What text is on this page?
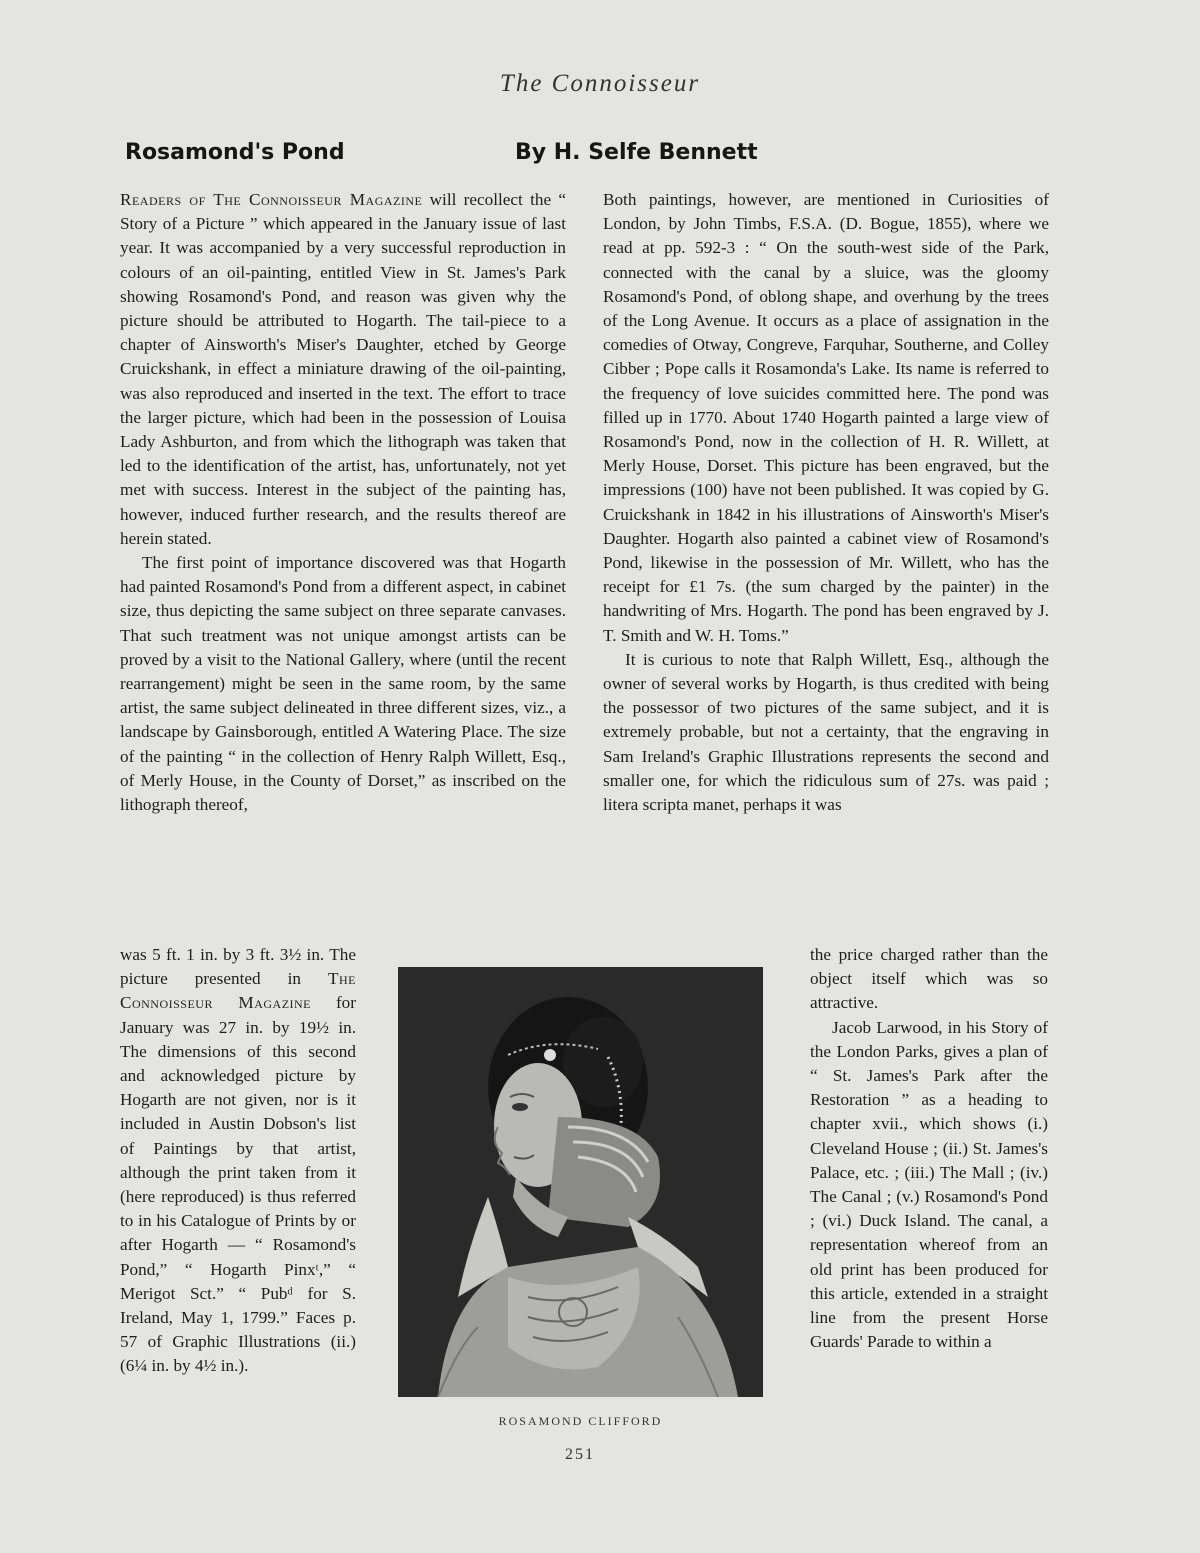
The Connoisseur
Rosamond's Pond	By H. Selfe Bennett

Readers of The Connoisseur Magazine will recollect the “ Story of a Picture ” which appeared in the January issue of last year. It was accompanied by a very successful reproduction in colours of an oil-painting, entitled View in St. James's Park showing Rosamond's Pond, and reason was given why the picture should be attributed to Hogarth. The tail-piece to a chapter of Ainsworth's Miser's Daughter, etched by George Cruickshank, in effect a miniature drawing of the oil-painting, was also reproduced and inserted in the text. The effort to trace the larger picture, which had been in the possession of Louisa Lady Ashburton, and from which the lithograph was taken that led to the identification of the artist, has, unfortunately, not yet met with success. Interest in the subject of the painting has, however, induced further research, and the results thereof are herein stated.

The first point of importance discovered was that Hogarth had painted Rosamond's Pond from a different aspect, in cabinet size, thus depicting the same subject on three separate canvases. That such treatment was not unique amongst artists can be proved by a visit to the National Gallery, where (until the recent rearrangement) might be seen in the same room, by the same artist, the same subject delineated in three different sizes, viz., a landscape by Gainsborough, entitled A Watering Place. The size of the painting “ in the collection of Henry Ralph Willett, Esq., of Merly House, in the County of Dorset,” as inscribed on the lithograph thereof,

Both paintings, however, are mentioned in Curiosities of London, by John Timbs, F.S.A. (D. Bogue, 1855), where we read at pp. 592-3 : “ On the south-west side of the Park, connected with the canal by a sluice, was the gloomy Rosamond's Pond, of oblong shape, and overhung by the trees of the Long Avenue. It occurs as a place of assignation in the comedies of Otway, Congreve, Farquhar, Southerne, and Colley Cibber ; Pope calls it Rosamonda's Lake. Its name is referred to the frequency of love suicides committed here. The pond was filled up in 1770. About 1740 Hogarth painted a large view of Rosamond's Pond, now in the collection of H. R. Willett, at Merly House, Dorset. This picture has been engraved, but the impressions (100) have not been published. It was copied by G. Cruickshank in 1842 in his illustrations of Ainsworth's Miser's Daughter. Hogarth also painted a cabinet view of Rosamond's Pond, likewise in the possession of Mr. Willett, who has the receipt for £1 7s. (the sum charged by the painter) in the handwriting of Mrs. Hogarth. The pond has been engraved by J. T. Smith and W. H. Toms.”

It is curious to note that Ralph Willett, Esq., although the owner of several works by Hogarth, is thus credited with being the possessor of two pictures of the same subject, and it is extremely probable, but not a certainty, that the engraving in Sam Ireland's Graphic Illustrations represents the second and smaller one, for which the ridiculous sum of 27s. was paid ; litera scripta manet, perhaps it was

was 5 ft. 1 in. by 3 ft. 3½ in. The picture presented in The Connoisseur Magazine for January was 27 in. by 19½ in. The dimensions of this second and acknowledged picture by Hogarth are not given, nor is it included in Austin Dobson's list of Paintings by that artist, although the print taken from it (here reproduced) is thus referred to in his Catalogue of Prints by or after Hogarth — “ Rosamond's Pond,” “ Hogarth Pinxᵗ,” “ Merigot Sct.” “ Pubᵈ for S. Ireland, May 1, 1799.” Faces p. 57 of Graphic Illustrations (ii.) (6¼ in. by 4½ in.).

ROSAMOND CLIFFORD

the price charged rather than the object itself which was so attractive.

Jacob Larwood, in his Story of the London Parks, gives a plan of “ St. James's Park after the Restoration ” as a heading to chapter xvii., which shows (i.) Cleveland House ; (ii.) St. James's Palace, etc. ; (iii.) The Mall ; (iv.) The Canal ; (v.) Rosamond's Pond ; (vi.) Duck Island. The canal, a representation whereof from an old print has been produced for this article, extended in a straight line from the present Horse Guards' Parade to within a

251
